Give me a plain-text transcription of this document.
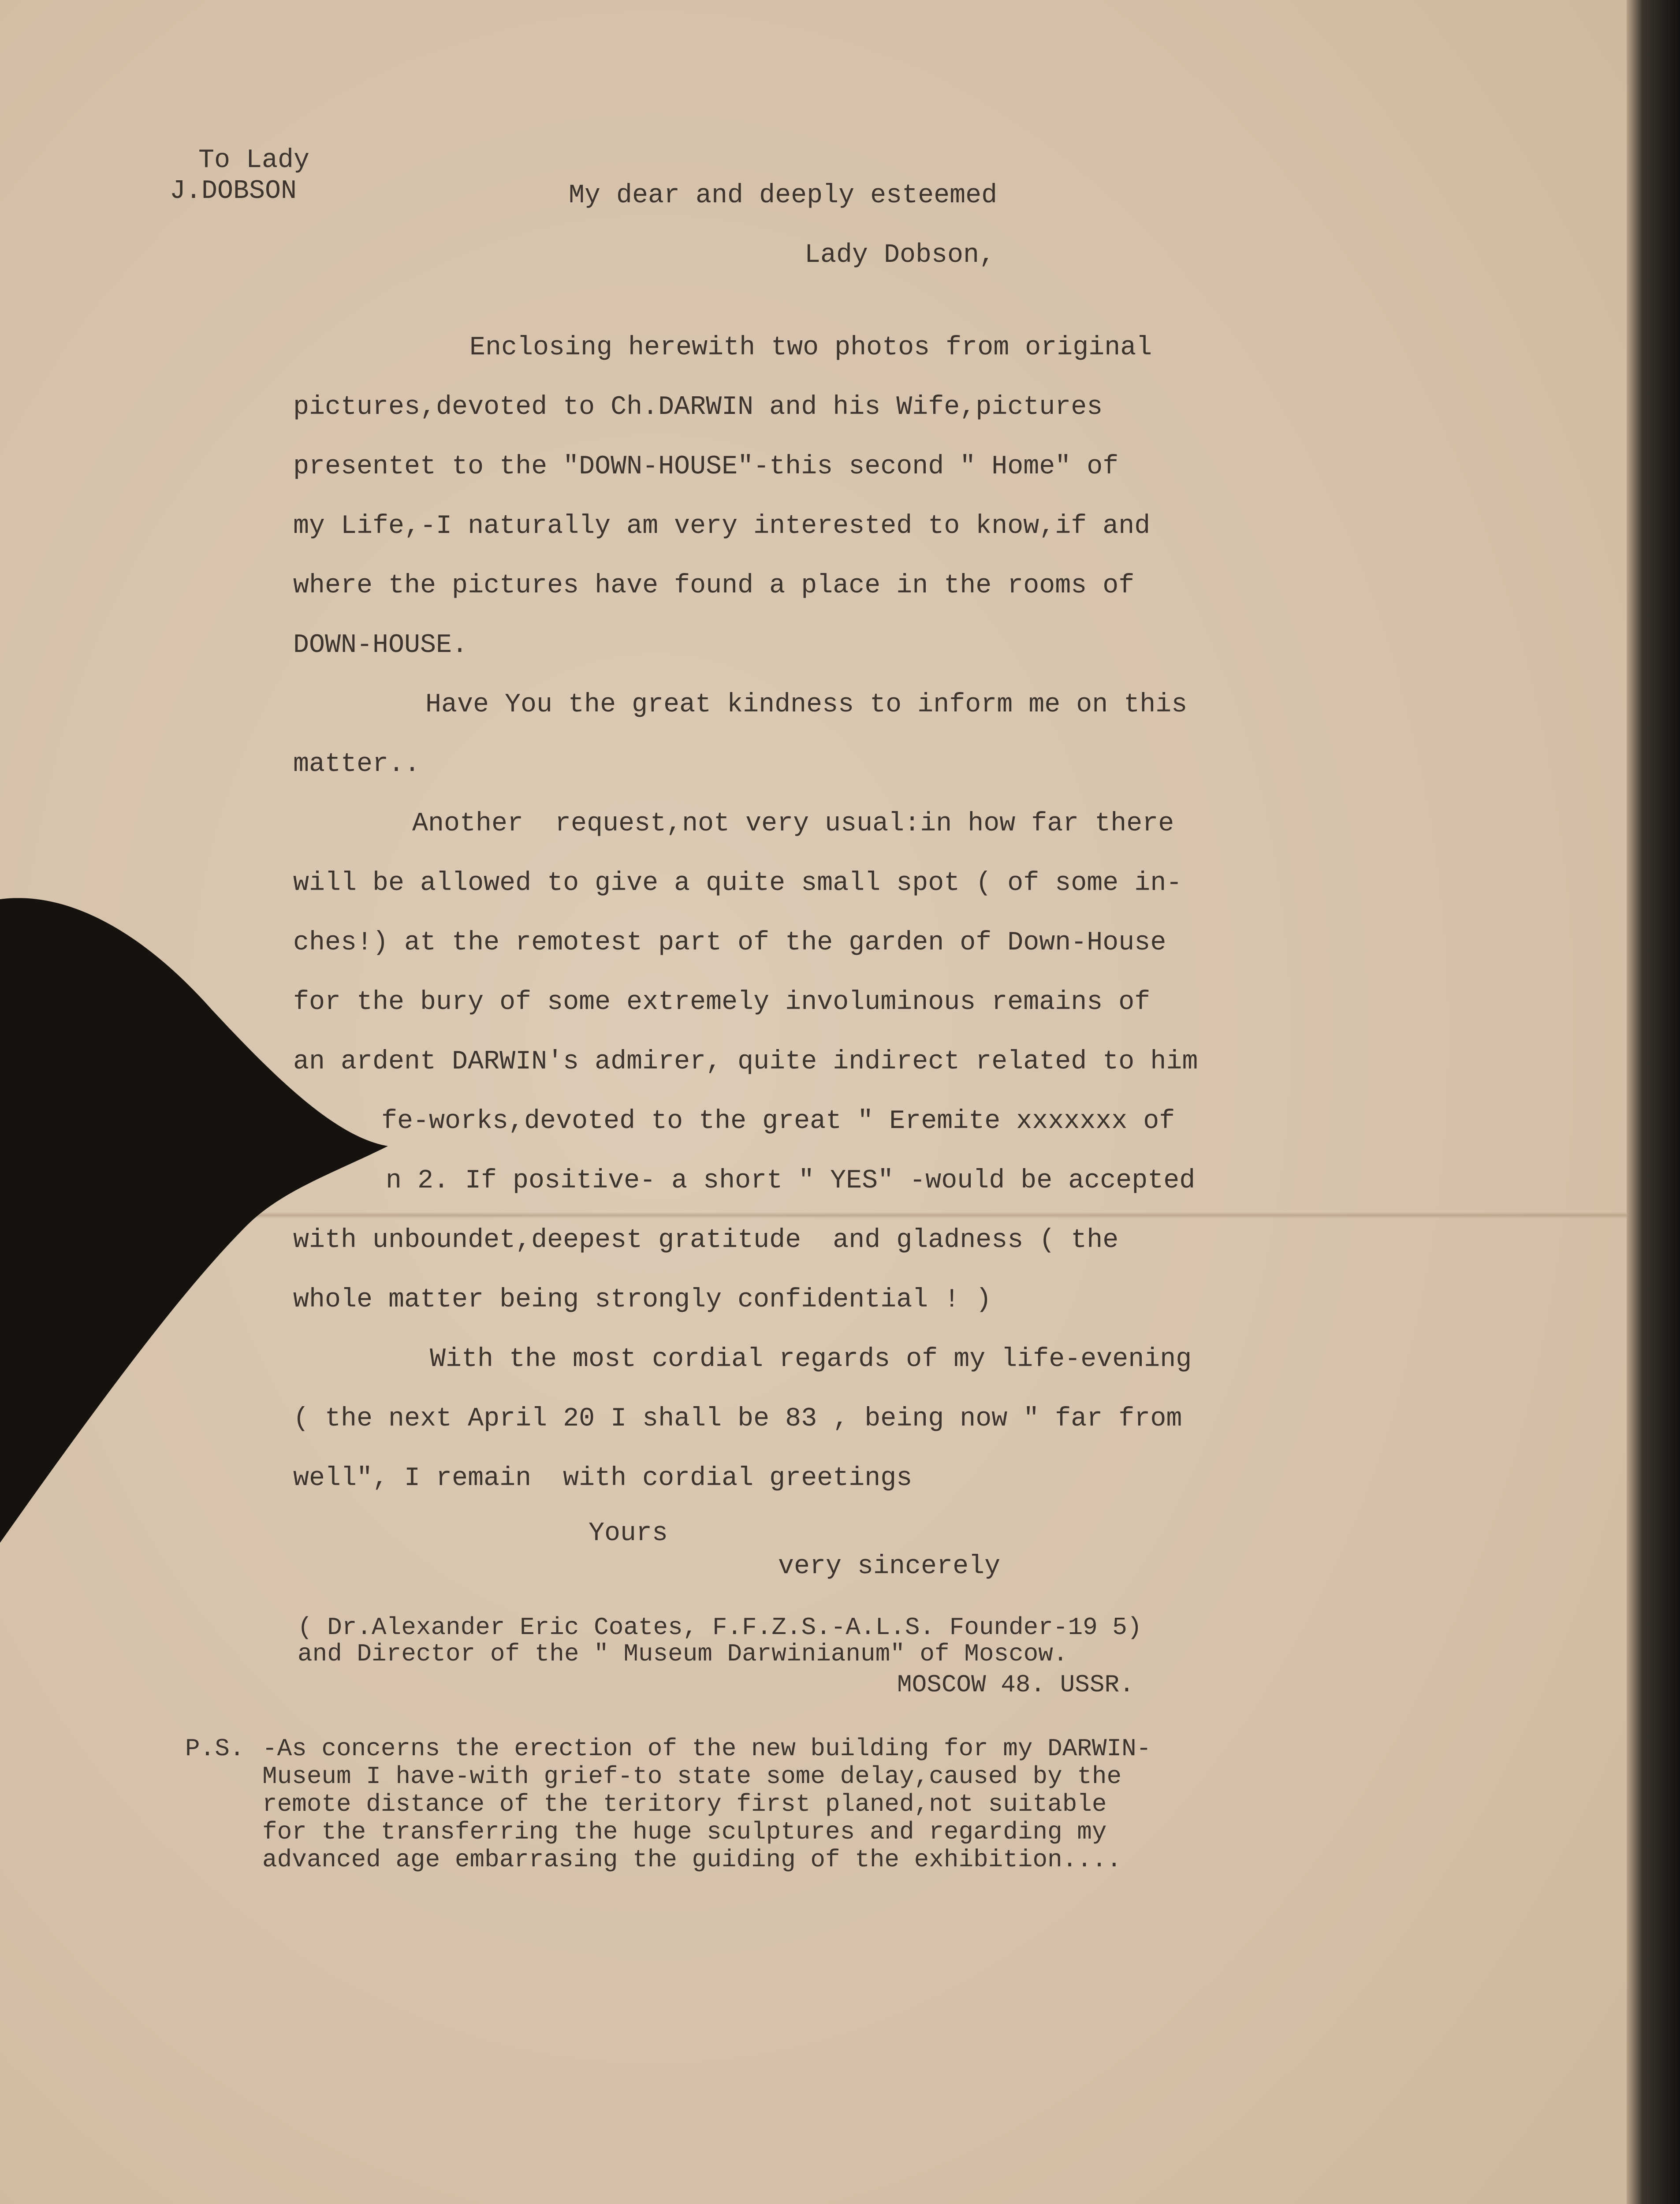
To Lady
J.DOBSON	My dear and deeply esteemed
Lady Dobson,
Enclosing herewith two photos from original
pictures,devoted to Ch.DARWIN and his Wife,pictures
presentet to the "DOWN-HOUSE"-this second " Home" of
my Life,-I naturally am very interested to know,if and
where the pictures have found a place in the rooms of
DOWN-HOUSE.
Have You the great kindness to inform me on this
matter..
Another  request,not very usual:in how far there
will be allowed to give a quite small spot ( of some in-
ches!) at the remotest part of the garden of Down-House
for the bury of some extremely involuminous remains of
an ardent DARWIN's admirer, quite indirect related to him
fe-works,devoted to the great " Eremite xxxxxxx of
n 2. If positive- a short " YES" -would be accepted
with unboundet,deepest gratitude  and gladness ( the
whole matter being strongly confidential ! )
With the most cordial regards of my life-evening
( the next April 20 I shall be 83 , being now " far from
well", I remain  with cordial greetings
Yours
very sincerely
( Dr.Alexander Eric Coates, F.F.Z.S.-A.L.S. Founder-19 5)
and Director of the " Museum Darwinianum" of Moscow.
MOSCOW 48. USSR.
P.S. -As concerns the erection of the new building for my DARWIN-
Museum I have-with grief-to state some delay,caused by the
remote distance of the teritory first planed,not suitable
for the transferring the huge sculptures and regarding my
advanced age embarrasing the guiding of the exhibition....
